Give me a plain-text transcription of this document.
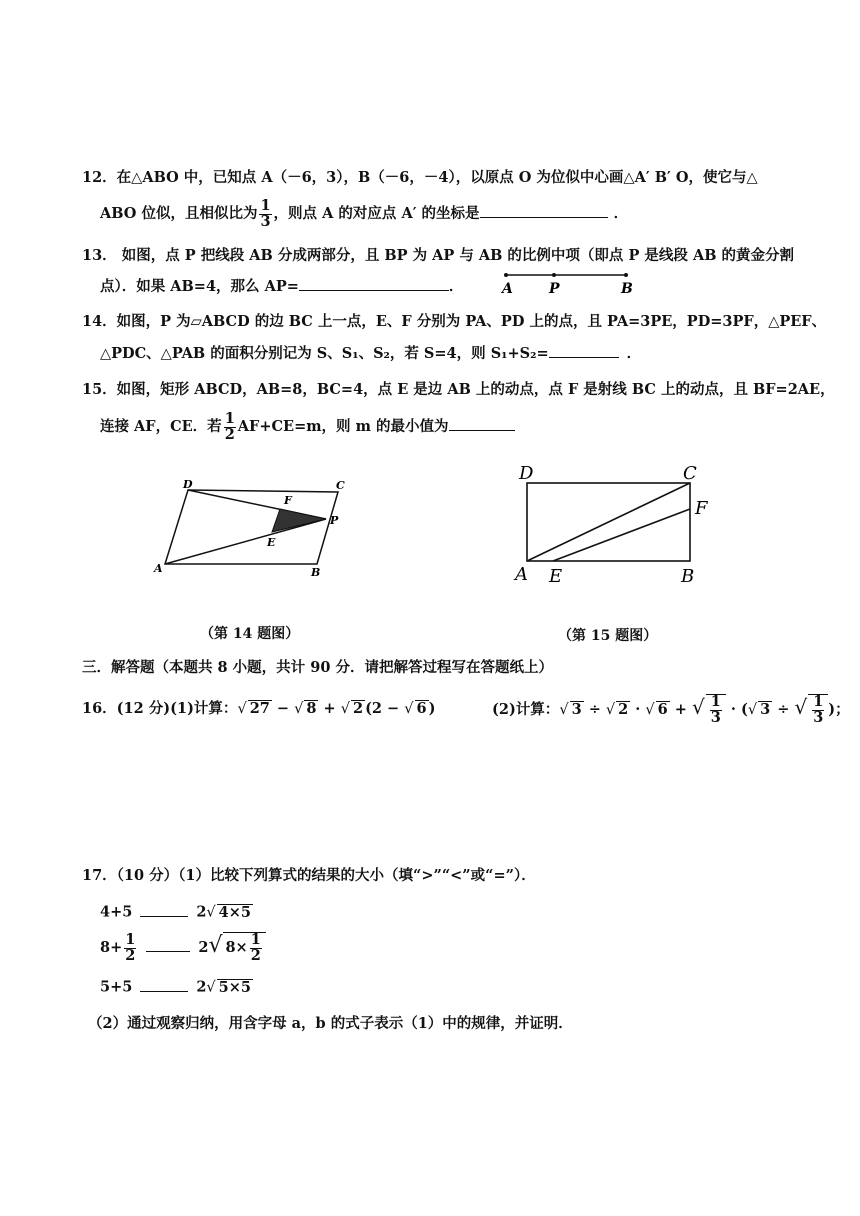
12．在△ABO 中，已知点 A（－6，3），B（－6，－4），以原点 O 为位似中心画△A′ B′ O，使它与△
ABO 位似，且相似比为 $\frac{1}{3}$ ，则点 A 的对应点 A′ 的坐标是	．
13． 如图，点 P 把线段 AB 分成两部分，且 BP 为 AP 与 AB 的比例中项（即点 P 是线段 AB 的黄金分割
点）．如果 AB=4，那么 AP=	．	A	P	B
14．如图，P 为▱ABCD 的边 BC 上一点，E、F 分别为 PA、PD 上的点，且 PA=3PE，PD=3PF，△PEF、
△PDC、△PAB 的面积分别记为 S、S₁、S₂，若 S=4，则 S₁+S₂=	．
15．如图，矩形 ABCD，AB=8，BC=4，点 E 是边 AB 上的动点，点 F 是射线 BC 上的动点，且 BF=2AE，
连接 AF，CE．若 $\frac{1}{2} AF+CE=m$，则 m 的最小值为
D	C
F
P
E
A	B
（第 14 题图）
D	C
F
A E	B
（第 15 题图）
三．解答题（本题共 8 小题，共计 90 分．请把解答过程写在答题纸上）
16．(12 分)(1)计算：√ 27 − √ 8 + √ 2 (2 − √ 6 )	(2)计算：√ 3 ÷ √ 2 · √ 6 + √ $\frac{1}{3}$ · (√ 3 ÷ √ $\frac{1}{3}$ )；
17．（10 分）（1）比较下列算式的结果的大小（填“>”“<”或“=”）．
4+5	2√ 4×5
$8+ \frac{1}{2}$	2√ $8\times \frac{1}{2}$
5+5	2√ 5×5
（2）通过观察归纳，用含字母 a，b 的式子表示（1）中的规律，并证明．
